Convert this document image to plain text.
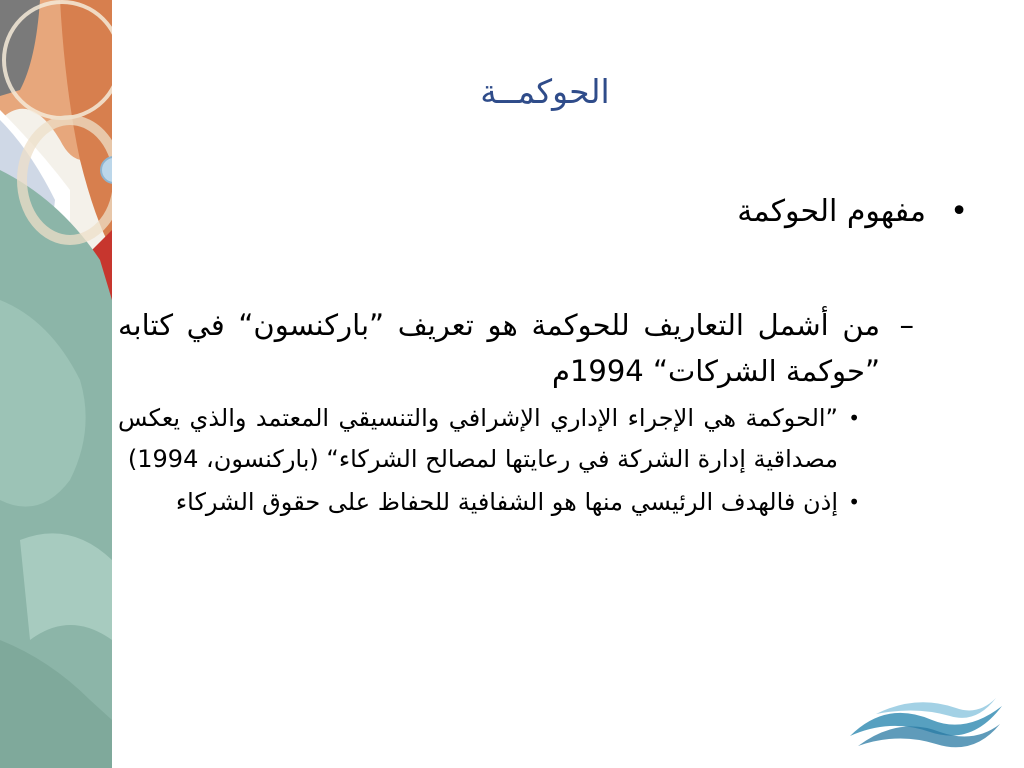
الحوكمــة
•
مفهوم الحوكمة
–
من أشمل التعاريف للحوكمة هو تعريف ”باركنسون“ في كتابه ”حوكمة الشركات“ 1994م
•
”الحوكمة هي الإجراء الإداري الإشرافي والتنسيقي المعتمد والذي يعكس مصداقية إدارة الشركة في رعايتها لمصالح الشركاء“ (باركنسون، 1994)
•
إذن فالهدف الرئيسي منها هو الشفافية للحفاظ على حقوق الشركاء
